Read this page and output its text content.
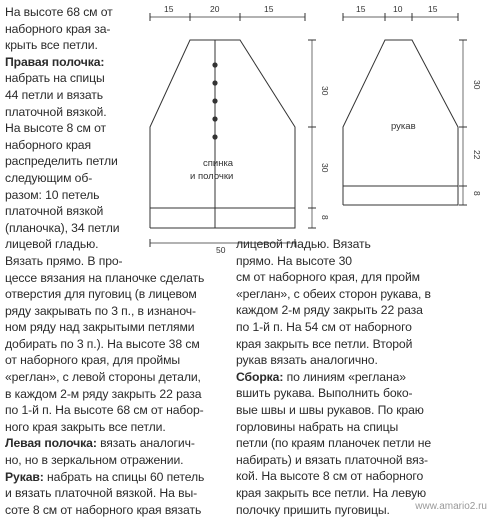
На высоте 68 см от
наборного края за-
крыть все петли.
Правая полочка:
набрать на спицы
44 петли и вязать
платочной вязкой.
На высоте 8 см от
наборного края
распределить петли
следующим об-
разом: 10 петель
платочной вязкой
(планочка), 34 петли
лицевой гладью.
Вязать прямо. В про-
цессе вязания на планочке сделать
отверстия для пуговиц (в лицевом
ряду закрывать по 3 п., в изнаноч-
ном ряду над закрытыми петлями
добирать по 3 п.). На высоте 38 см
от наборного края, для проймы
«реглан», с левой стороны детали,
в каждом 2-м ряду закрыть 22 раза
по 1-й п. На высоте 68 см от набор-
ного края закрыть все петли.
Левая полочка: вязать аналогич-
но, но в зеркальном отражении.
Рукав: набрать на спицы 60 петель
и вязать платочной вязкой. На вы-
соте 8 см от наборного края вязать
лицевой гладью. Вязать
прямо. На высоте 30
см от наборного края, для пройм
«реглан», с обеих сторон рукава, в
каждом 2-м ряду закрыть 22 раза
по 1-й п. На 54 см от наборного
края закрыть все петли. Второй
рукав вязать аналогично.
Сборка: по линиям «реглана»
вшить рукава. Выполнить боко-
вые швы и швы рукавов. По краю
горловины набрать на спицы
петли (по краям планочек петли не
набирать) и вязать платочной вяз-
кой. На высоте 8 см от наборного
края закрыть все петли. На левую
полочку пришить пуговицы.
15	20	15
30
30
8
50
спинка
и полочки
15	10	15
30
22
8
рукав
www.amario2.ru
